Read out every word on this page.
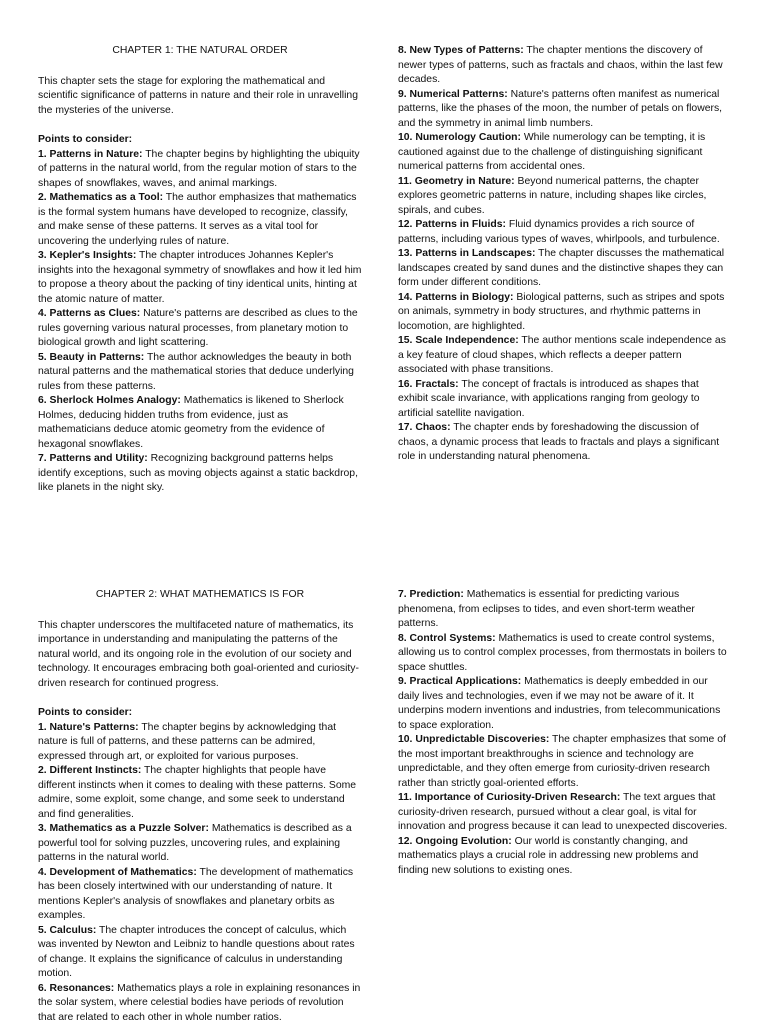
CHAPTER 1: THE NATURAL ORDER

This chapter sets the stage for exploring the mathematical and scientific significance of patterns in nature and their role in unravelling the mysteries of the universe.

Points to consider:

1. Patterns in Nature: The chapter begins by highlighting the ubiquity of patterns in the natural world, from the regular motion of stars to the shapes of snowflakes, waves, and animal markings.

2. Mathematics as a Tool: The author emphasizes that mathematics is the formal system humans have developed to recognize, classify, and make sense of these patterns. It serves as a vital tool for uncovering the underlying rules of nature.

3. Kepler's Insights: The chapter introduces Johannes Kepler's insights into the hexagonal symmetry of snowflakes and how it led him to propose a theory about the packing of tiny identical units, hinting at the atomic nature of matter.

4. Patterns as Clues: Nature's patterns are described as clues to the rules governing various natural processes, from planetary motion to biological growth and light scattering.

5. Beauty in Patterns: The author acknowledges the beauty in both natural patterns and the mathematical stories that deduce underlying rules from these patterns.

6. Sherlock Holmes Analogy: Mathematics is likened to Sherlock Holmes, deducing hidden truths from evidence, just as mathematicians deduce atomic geometry from the evidence of hexagonal snowflakes.

7. Patterns and Utility: Recognizing background patterns helps identify exceptions, such as moving objects against a static backdrop, like planets in the night sky.

8. New Types of Patterns: The chapter mentions the discovery of newer types of patterns, such as fractals and chaos, within the last few decades.

9. Numerical Patterns: Nature's patterns often manifest as numerical patterns, like the phases of the moon, the number of petals on flowers, and the symmetry in animal limb numbers.

10. Numerology Caution: While numerology can be tempting, it is cautioned against due to the challenge of distinguishing significant numerical patterns from accidental ones.

11. Geometry in Nature: Beyond numerical patterns, the chapter explores geometric patterns in nature, including shapes like circles, spirals, and cubes.

12. Patterns in Fluids: Fluid dynamics provides a rich source of patterns, including various types of waves, whirlpools, and turbulence.

13. Patterns in Landscapes: The chapter discusses the mathematical landscapes created by sand dunes and the distinctive shapes they can form under different conditions.

14. Patterns in Biology: Biological patterns, such as stripes and spots on animals, symmetry in body structures, and rhythmic patterns in locomotion, are highlighted.

15. Scale Independence: The author mentions scale independence as a key feature of cloud shapes, which reflects a deeper pattern associated with phase transitions.

16. Fractals: The concept of fractals is introduced as shapes that exhibit scale invariance, with applications ranging from geology to artificial satellite navigation.

17. Chaos: The chapter ends by foreshadowing the discussion of chaos, a dynamic process that leads to fractals and plays a significant role in understanding natural phenomena.

CHAPTER 2: WHAT MATHEMATICS IS FOR

This chapter underscores the multifaceted nature of mathematics, its importance in understanding and manipulating the patterns of the natural world, and its ongoing role in the evolution of our society and technology. It encourages embracing both goal-oriented and curiosity-driven research for continued progress.

Points to consider:

1. Nature's Patterns: The chapter begins by acknowledging that nature is full of patterns, and these patterns can be admired, expressed through art, or exploited for various purposes.

2. Different Instincts: The chapter highlights that people have different instincts when it comes to dealing with these patterns. Some admire, some exploit, some change, and some seek to understand and find generalities.

3. Mathematics as a Puzzle Solver: Mathematics is described as a powerful tool for solving puzzles, uncovering rules, and explaining patterns in the natural world.

4. Development of Mathematics: The development of mathematics has been closely intertwined with our understanding of nature. It mentions Kepler's analysis of snowflakes and planetary orbits as examples.

5. Calculus: The chapter introduces the concept of calculus, which was invented by Newton and Leibniz to handle questions about rates of change. It explains the significance of calculus in understanding motion.

6. Resonances: Mathematics plays a role in explaining resonances in the solar system, where celestial bodies have periods of revolution that are related to each other in whole number ratios.

7. Prediction: Mathematics is essential for predicting various phenomena, from eclipses to tides, and even short-term weather patterns.

8. Control Systems: Mathematics is used to create control systems, allowing us to control complex processes, from thermostats in boilers to space shuttles.

9. Practical Applications: Mathematics is deeply embedded in our daily lives and technologies, even if we may not be aware of it. It underpins modern inventions and industries, from telecommunications to space exploration.

10. Unpredictable Discoveries: The chapter emphasizes that some of the most important breakthroughs in science and technology are unpredictable, and they often emerge from curiosity-driven research rather than strictly goal-oriented efforts.

11. Importance of Curiosity-Driven Research: The text argues that curiosity-driven research, pursued without a clear goal, is vital for innovation and progress because it can lead to unexpected discoveries.

12. Ongoing Evolution: Our world is constantly changing, and mathematics plays a crucial role in addressing new problems and finding new solutions to existing ones.
